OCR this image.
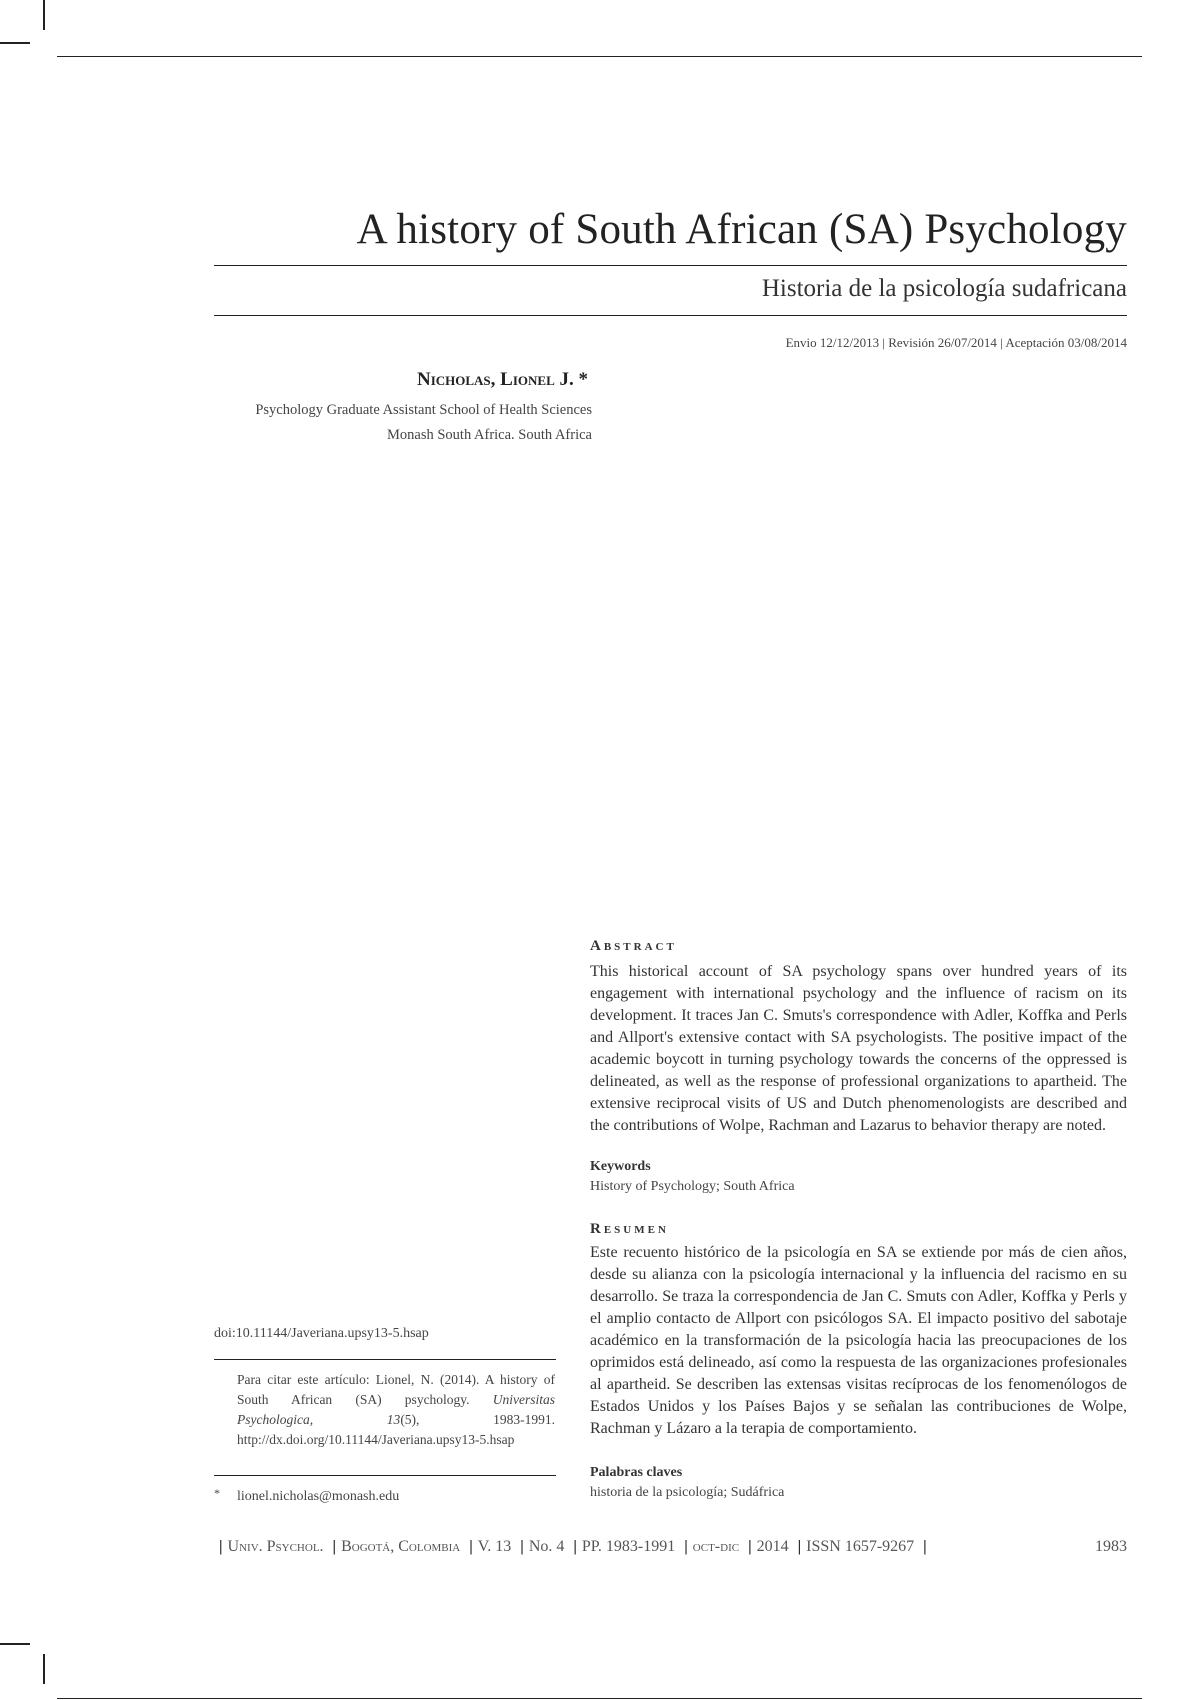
A history of South African (SA) Psychology
Historia de la psicología sudafricana
Envio 12/12/2013 | Revisión 26/07/2014 | Aceptación 03/08/2014
Nicholas, Lionel J. *
Psychology Graduate Assistant School of Health Sciences
Monash South Africa. South Africa
Abstract
This historical account of SA psychology spans over hundred years of its engagement with international psychology and the influence of racism on its development. It traces Jan C. Smuts's correspondence with Adler, Koffka and Perls and Allport's extensive contact with SA psychologists. The positive impact of the academic boycott in turning psychology towards the concerns of the oppressed is delineated, as well as the response of professional organizations to apartheid. The extensive reciprocal visits of US and Dutch phenomenologists are described and the contributions of Wolpe, Rachman and Lazarus to behavior therapy are noted.
Keywords
History of Psychology; South Africa
Resumen
Este recuento histórico de la psicología en SA se extiende por más de cien años, desde su alianza con la psicología internacional y la influencia del racismo en su desarrollo. Se traza la correspondencia de Jan C. Smuts con Adler, Koffka y Perls y el amplio contacto de Allport con psicólogos SA. El impacto positivo del sabotaje académico en la transformación de la psicología hacia las preocupaciones de los oprimidos está delineado, así como la respuesta de las organizaciones profesionales al apartheid. Se describen las extensas visitas recíprocas de los fenomenólogos de Estados Unidos y los Países Bajos y se señalan las contribuciones de Wolpe, Rachman y Lázaro a la terapia de comportamiento.
Palabras claves
historia de la psicología; Sudáfrica
doi:10.11144/Javeriana.upsy13-5.hsap
Para citar este artículo: Lionel, N. (2014). A history of South African (SA) psychology. Universitas Psychologica, 13(5), 1983-1991. http://dx.doi.org/10.11144/Javeriana.upsy13-5.hsap
* lionel.nicholas@monash.edu
| Univ. Psychol. | Bogotá, Colombia | V. 13 | No. 4 | PP. 1983-1991 | oct-dic | 2014 | ISSN 1657-9267 |	1983
